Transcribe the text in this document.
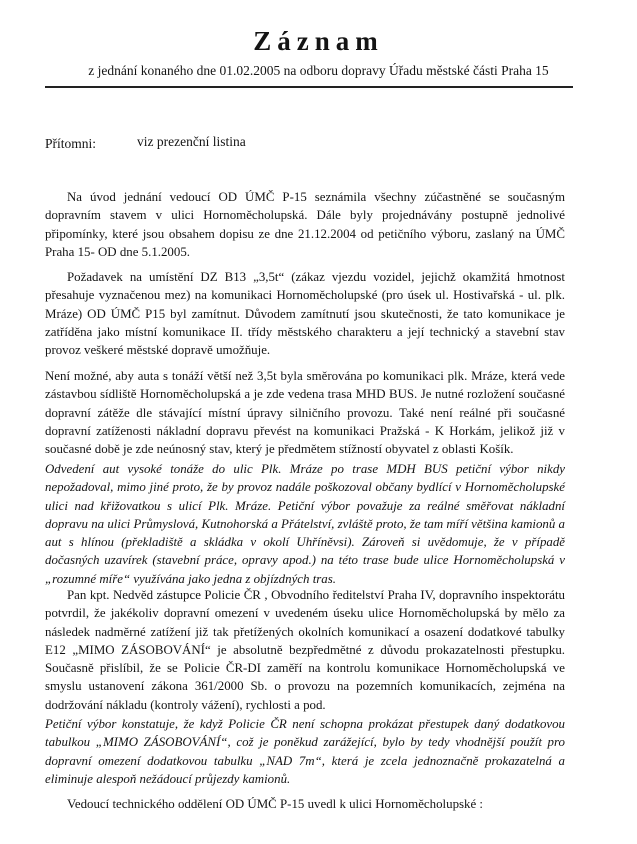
Záznam
z jednání konaného dne 01.02.2005 na odboru dopravy Úřadu městské části Praha 15
Přítomni:	viz prezenční listina

Na úvod jednání vedoucí OD ÚMČ P-15 seznámila všechny zúčastněné se současným dopravním stavem v ulici Hornoměcholupská. Dále byly projednávány postupně jednolivé připomínky, které jsou obsahem dopisu ze dne 21.12.2004 od petičního výboru, zaslaný na ÚMČ Praha 15- OD dne 5.1.2005.

Požadavek na umístění DZ B13 „3,5t“ (zákaz vjezdu vozidel, jejichž okamžitá hmotnost přesahuje vyznačenou mez) na komunikaci Hornoměcholupské (pro úsek ul. Hostivařská - ul. plk. Mráze) OD ÚMČ P15 byl zamítnut. Důvodem zamítnutí jsou skutečnosti, že tato komunikace je zatříděna jako místní komunikace II. třídy městského charakteru a její technický a stavební stav provoz veškeré městské dopravě umožňuje.

Není možné, aby auta s tonáží větší než 3,5t byla směrována po komunikaci plk. Mráze, která vede zástavbou sídliště Hornoměcholupská a je zde vedena trasa MHD BUS. Je nutné rozložení současné dopravní zátěže dle stávající místní úpravy silničního provozu. Také není reálné při současné dopravní zatíženosti nákladní dopravu převést na komunikaci Pražská - K Horkám, jelikož již v současné době je zde neúnosný stav, který je předmětem stížností obyvatel z oblasti Košík.

Odvedení aut vysoké tonáže do ulic Plk. Mráze po trase MDH BUS petiční výbor nikdy nepožadoval, mimo jiné proto, že by provoz nadále poškozoval občany bydlící v Hornoměcholupské ulici nad křižovatkou s ulicí Plk. Mráze. Petiční výbor považuje za reálné směřovat nákladní dopravu na ulici Průmyslová, Kutnohorská a Přátelství, zvláště proto, že tam míří většina kamionů a aut s hlínou (překladiště a skládka v okolí Uhříněvsi). Zároveň si uvědomuje, že v případě dočasných uzavírek (stavební práce, opravy apod.) na této trase bude ulice Hornoměcholupská v „rozumné míře“ využívána jako jedna z objízdných tras.

Pan kpt. Nedvěd zástupce Policie ČR , Obvodního ředitelství Praha IV, dopravního inspektorátu potvrdil, že jakékoliv dopravní omezení v uvedeném úseku ulice Hornoměcholupská by mělo za následek nadměrné zatížení již tak přetížených okolních komunikací a osazení dodatkové tabulky E12 „MIMO ZÁSOBOVÁNÍ“ je absolutně bezpředmětné z důvodu prokazatelnosti přestupku. Současně přislíbil, že se Policie ČR-DI zaměří na kontrolu komunikace Hornoměcholupská ve smyslu ustanovení zákona 361/2000 Sb. o provozu na pozemních komunikacích, zejména na dodržování nákladu (kontroly vážení), rychlosti a pod.

Petiční výbor konstatuje, že když Policie ČR není schopna prokázat přestupek daný dodatkovou tabulkou „MIMO ZÁSOBOVÁNÍ“, což je poněkud zarážející, bylo by tedy vhodnější použít pro dopravní omezení dodatkovou tabulku „NAD 7m“, která je zcela jednoznačně prokazatelná a eliminuje alespoň nežádoucí průjezdy kamionů.

Vedoucí technického oddělení OD ÚMČ P-15 uvedl k ulici Hornoměcholupské :
